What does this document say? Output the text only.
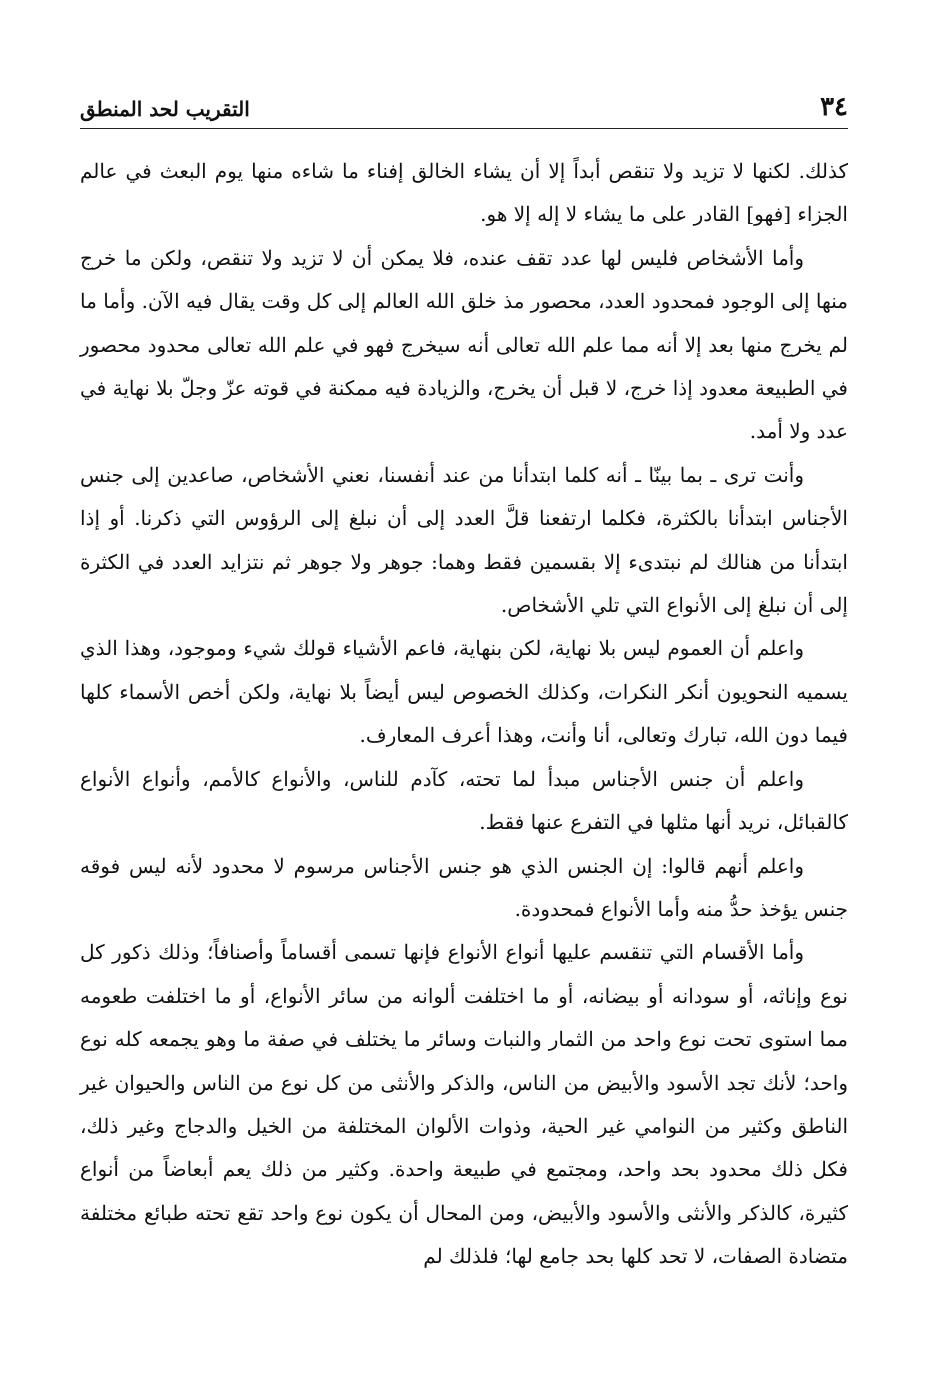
٣٤
التقريب لحد المنطق

كذلك. لكنها لا تزيد ولا تنقص أبداً إلا أن يشاء الخالق إفناء ما شاءه منها يوم البعث في عالم الجزاء [فهو] القادر على ما يشاء لا إله إلا هو.

وأما الأشخاص فليس لها عدد تقف عنده، فلا يمكن أن لا تزيد ولا تنقص، ولكن ما خرج منها إلى الوجود فمحدود العدد، محصور مذ خلق الله العالم إلى كل وقت يقال فيه الآن. وأما ما لم يخرج منها بعد إلا أنه مما علم الله تعالى أنه سيخرج فهو في علم الله تعالى محدود محصور في الطبيعة معدود إذا خرج، لا قبل أن يخرج، والزيادة فيه ممكنة في قوته عزّ وجلّ بلا نهاية في عدد ولا أمد.

وأنت ترى ـ بما بينّا ـ أنه كلما ابتدأنا من عند أنفسنا، نعني الأشخاص، صاعدين إلى جنس الأجناس ابتدأنا بالكثرة، فكلما ارتفعنا قلَّ العدد إلى أن نبلغ إلى الرؤوس التي ذكرنا. أو إذا ابتدأنا من هنالك لم نبتدىء إلا بقسمين فقط وهما: جوهر ولا جوهر ثم نتزايد العدد في الكثرة إلى أن نبلغ إلى الأنواع التي تلي الأشخاص.

واعلم أن العموم ليس بلا نهاية، لكن بنهاية، فاعم الأشياء قولك شيء وموجود، وهذا الذي يسميه النحويون أنكر النكرات، وكذلك الخصوص ليس أيضاً بلا نهاية، ولكن أخص الأسماء كلها فيما دون الله، تبارك وتعالى، أنا وأنت، وهذا أعرف المعارف.

واعلم أن جنس الأجناس مبدأ لما تحته، كآدم للناس، والأنواع كالأمم، وأنواع الأنواع كالقبائل، نريد أنها مثلها في التفرع عنها فقط.

واعلم أنهم قالوا: إن الجنس الذي هو جنس الأجناس مرسوم لا محدود لأنه ليس فوقه جنس يؤخذ حدُّ منه وأما الأنواع فمحدودة.

وأما الأقسام التي تنقسم عليها أنواع الأنواع فإنها تسمى أقساماً وأصنافاً؛ وذلك ذكور كل نوع وإناثه، أو سودانه أو بيضانه، أو ما اختلفت ألوانه من سائر الأنواع، أو ما اختلفت طعومه مما استوى تحت نوع واحد من الثمار والنبات وسائر ما يختلف في صفة ما وهو يجمعه كله نوع واحد؛ لأنك تجد الأسود والأبيض من الناس، والذكر والأنثى من كل نوع من الناس والحيوان غير الناطق وكثير من النوامي غير الحية، وذوات الألوان المختلفة من الخيل والدجاج وغير ذلك، فكل ذلك محدود بحد واحد، ومجتمع في طبيعة واحدة. وكثير من ذلك يعم أبعاضاً من أنواع كثيرة، كالذكر والأنثى والأسود والأبيض، ومن المحال أن يكون نوع واحد تقع تحته طبائع مختلفة متضادة الصفات، لا تحد كلها بحد جامع لها؛ فلذلك لم
